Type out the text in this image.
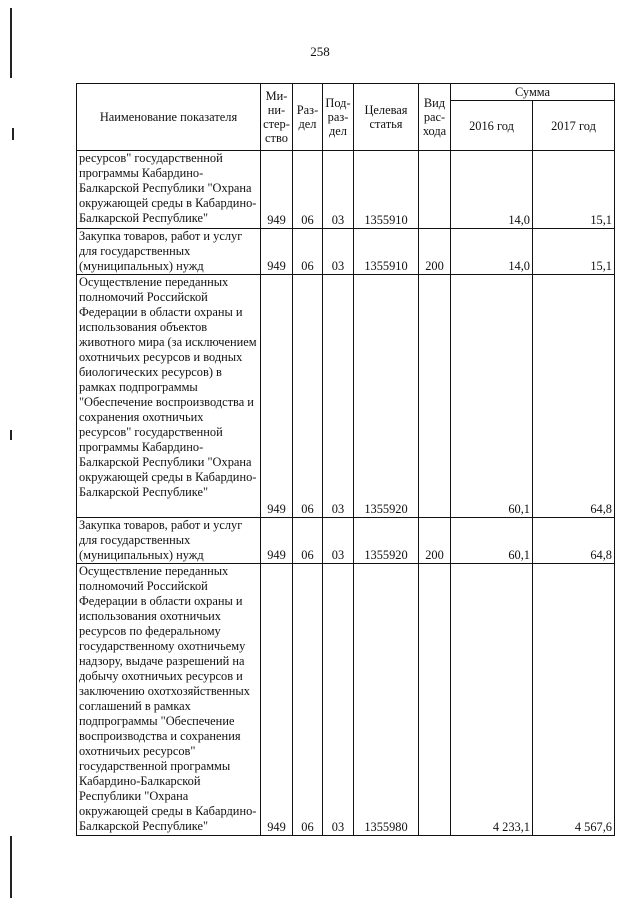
258
Наименование показателя	Ми-
ни-
стер-
ство	Раз-
дел	Под-
раз-
дел	Целевая
статья	Вид
рас-
хода	Сумма	
						2016 год	2017 год
ресурсов" государственной программы Кабардино-Балкарской Республики "Охрана окружающей среды в Кабардино-Балкарской Республике"	949	06	03	1355910		14,0	15,1
Закупка товаров, работ и услуг для государственных (муниципальных) нужд	949	06	03	1355910	200	14,0	15,1
Осуществление переданных полномочий Российской Федерации в области охраны и использования объектов животного мира (за исключением охотничьих ресурсов и водных биологических ресурсов) в рамках подпрограммы "Обеспечение воспроизводства и сохранения охотничьих ресурсов" государственной программы Кабардино-Балкарской Республики "Охрана окружающей среды в Кабардино-Балкарской Республике"	949	06	03	1355920		60,1	64,8
Закупка товаров, работ и услуг для государственных (муниципальных) нужд	949	06	03	1355920	200	60,1	64,8
Осуществление переданных полномочий Российской Федерации в области охраны и использования охотничьих ресурсов по федеральному государственному охотничьему надзору, выдаче разрешений на добычу охотничьих ресурсов и заключению охотхозяйственных соглашений в рамках подпрограммы "Обеспечение воспроизводства и сохранения охотничьих ресурсов" государственной программы Кабардино-Балкарской Республики "Охрана окружающей среды в Кабардино-Балкарской Республике"	949	06	03	1355980		4 233,1	4 567,6
